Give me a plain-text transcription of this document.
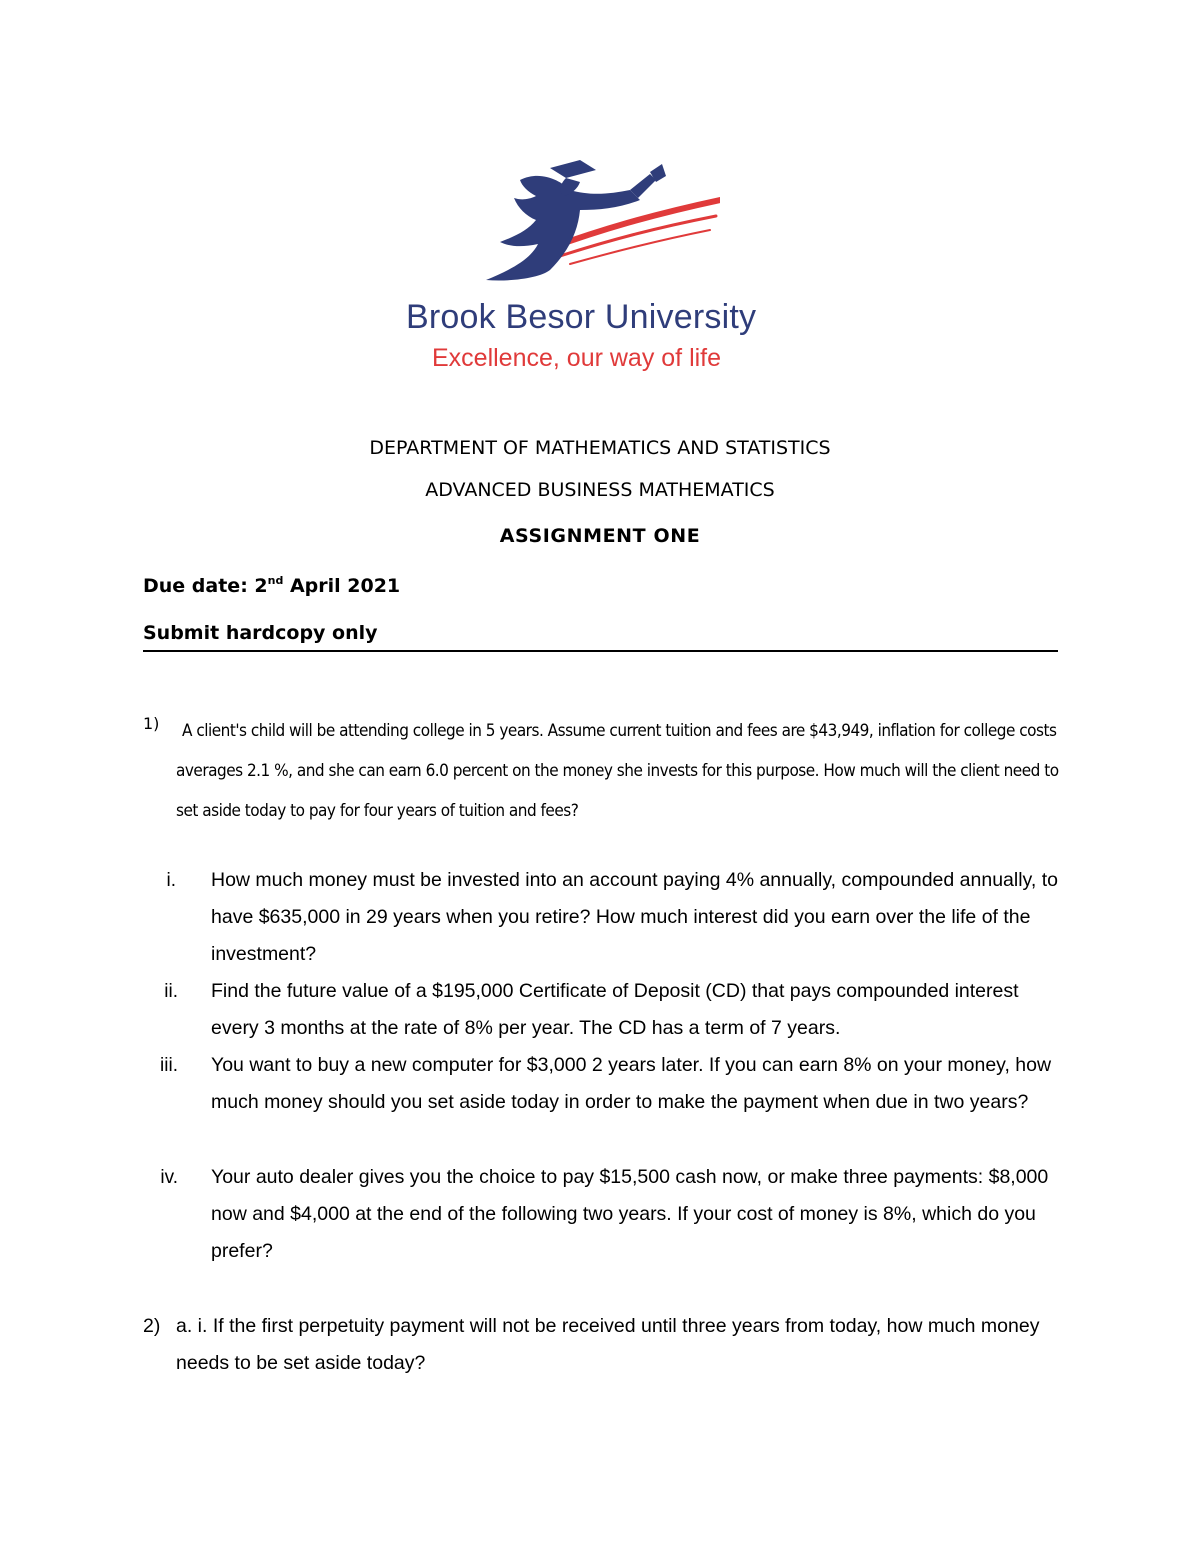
Brook Besor University
Excellence, our way of life
DEPARTMENT OF MATHEMATICS AND STATISTICS
ADVANCED BUSINESS MATHEMATICS
ASSIGNMENT ONE
Due date: 2nd April 2021
Submit hardcopy only
1)	A client's child will be attending college in 5 years. Assume current tuition and fees are $43,949, inflation for college costs averages 2.1 %, and she can earn 6.0 percent on the money she invests for this purpose. How much will the client need to set aside today to pay for four years of tuition and fees?
i. How much money must be invested into an account paying 4% annually, compounded annually, to have $635,000 in 29 years when you retire? How much interest did you earn over the life of the investment?
ii. Find the future value of a $195,000 Certificate of Deposit (CD) that pays compounded interest every 3 months at the rate of 8% per year. The CD has a term of 7 years.
iii. You want to buy a new computer for $3,000 2 years later. If you can earn 8% on your money, how much money should you set aside today in order to make the payment when due in two years?
iv. Your auto dealer gives you the choice to pay $15,500 cash now, or make three payments: $8,000 now and $4,000 at the end of the following two years. If your cost of money is 8%, which do you prefer?
2) a. i. If the first perpetuity payment will not be received until three years from today, how much money needs to be set aside today?
